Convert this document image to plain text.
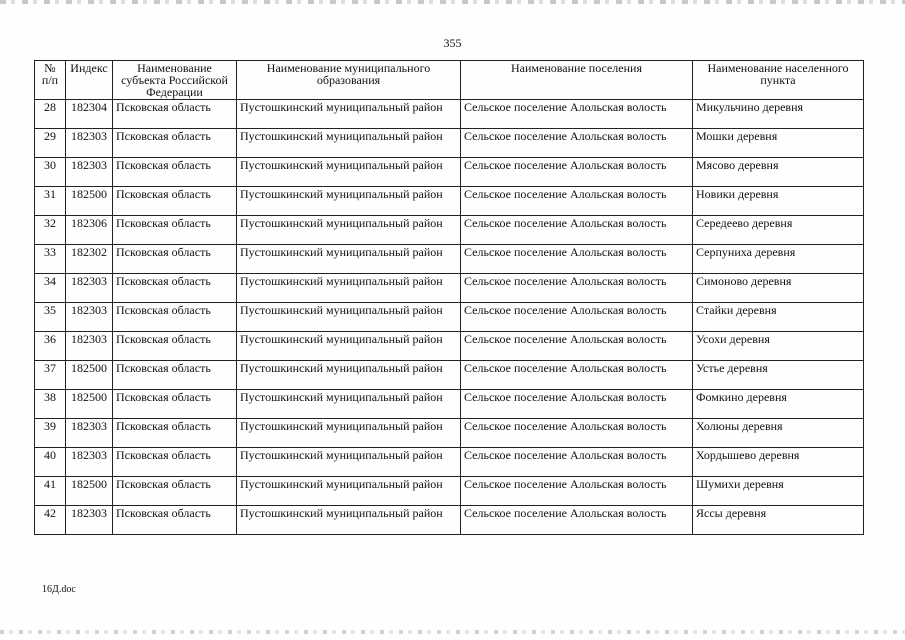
355
№ п/п	Индекс	Наименование субъекта Российской Федерации	Наименование муниципального образования	Наименование поселения	Наименование населенного пункта
28	182304	Псковская область	Пустошкинский муниципальный район	Сельское поселение Алольская волость	Микульчино деревня
29	182303	Псковская область	Пустошкинский муниципальный район	Сельское поселение Алольская волость	Мошки деревня
30	182303	Псковская область	Пустошкинский муниципальный район	Сельское поселение Алольская волость	Мясово деревня
31	182500	Псковская область	Пустошкинский муниципальный район	Сельское поселение Алольская волость	Новики деревня
32	182306	Псковская область	Пустошкинский муниципальный район	Сельское поселение Алольская волость	Середеево деревня
33	182302	Псковская область	Пустошкинский муниципальный район	Сельское поселение Алольская волость	Серпуниха деревня
34	182303	Псковская область	Пустошкинский муниципальный район	Сельское поселение Алольская волость	Симоново деревня
35	182303	Псковская область	Пустошкинский муниципальный район	Сельское поселение Алольская волость	Стайки деревня
36	182303	Псковская область	Пустошкинский муниципальный район	Сельское поселение Алольская волость	Усохи деревня
37	182500	Псковская область	Пустошкинский муниципальный район	Сельское поселение Алольская волость	Устье деревня
38	182500	Псковская область	Пустошкинский муниципальный район	Сельское поселение Алольская волость	Фомкино деревня
39	182303	Псковская область	Пустошкинский муниципальный район	Сельское поселение Алольская волость	Холюны деревня
40	182303	Псковская область	Пустошкинский муниципальный район	Сельское поселение Алольская волость	Хордышево деревня
41	182500	Псковская область	Пустошкинский муниципальный район	Сельское поселение Алольская волость	Шумихи деревня
42	182303	Псковская область	Пустошкинский муниципальный район	Сельское поселение Алольская волость	Яссы деревня
16Д.doc
